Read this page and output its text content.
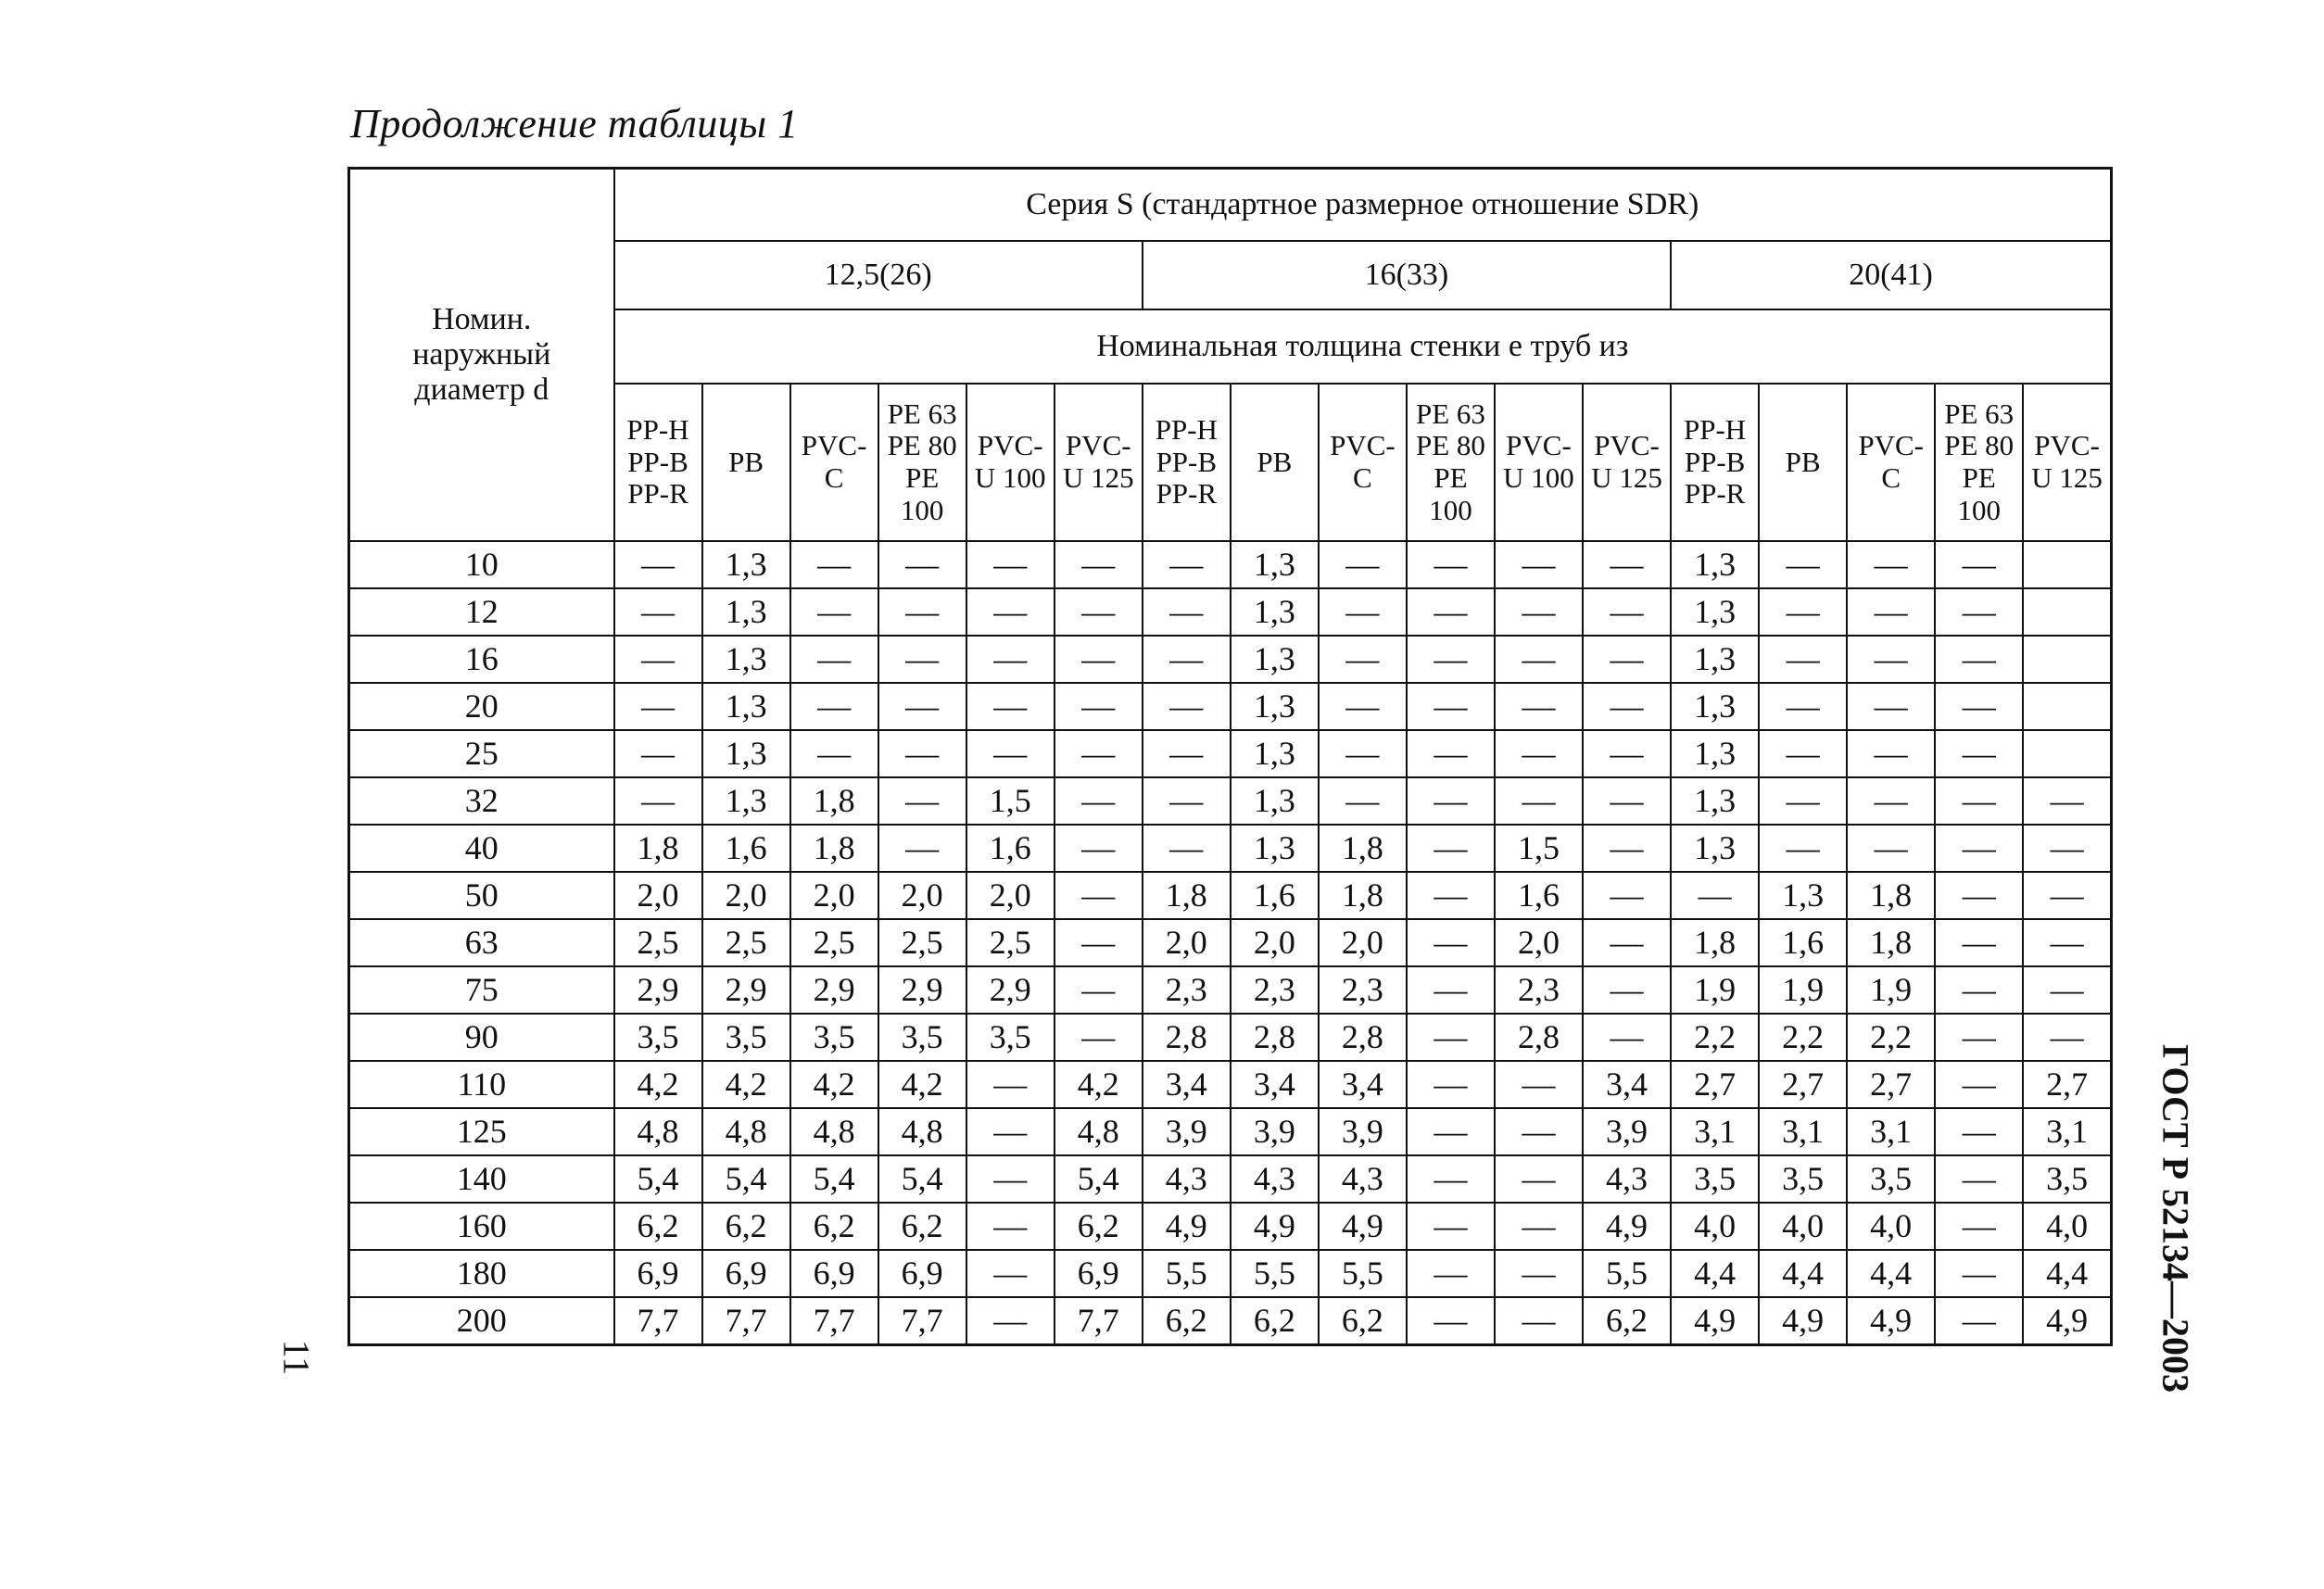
Продолжение таблицы 1
Номин.
наружный
диаметр d	Серия S (стандартное размерное отношение SDR)																
	12,5(26)						16(33)						20(41)				
	Номинальная толщина стенки e труб из																
	PP-H
PP-B
PP-R	PB	PVC-
C	PE 63
PE 80
PE
100	PVC-
U 100	PVC-
U 125	PP-H
PP-B
PP-R	PB	PVC-
C	PE 63
PE 80
PE
100	PVC-
U 100	PVC-
U 125	PP-H
PP-B
PP-R	PB	PVC-
C	PE 63
PE 80
PE
100	PVC-
U 125
10	—	1,3	—	—	—	—	—	1,3	—	—	—	—	1,3	—	—	—	
12	—	1,3	—	—	—	—	—	1,3	—	—	—	—	1,3	—	—	—	
16	—	1,3	—	—	—	—	—	1,3	—	—	—	—	1,3	—	—	—	
20	—	1,3	—	—	—	—	—	1,3	—	—	—	—	1,3	—	—	—	
25	—	1,3	—	—	—	—	—	1,3	—	—	—	—	1,3	—	—	—	
32	—	1,3	1,8	—	1,5	—	—	1,3	—	—	—	—	1,3	—	—	—	—
40	1,8	1,6	1,8	—	1,6	—	—	1,3	1,8	—	1,5	—	1,3	—	—	—	—
50	2,0	2,0	2,0	2,0	2,0	—	1,8	1,6	1,8	—	1,6	—	—	1,3	1,8	—	—
63	2,5	2,5	2,5	2,5	2,5	—	2,0	2,0	2,0	—	2,0	—	1,8	1,6	1,8	—	—
75	2,9	2,9	2,9	2,9	2,9	—	2,3	2,3	2,3	—	2,3	—	1,9	1,9	1,9	—	—
90	3,5	3,5	3,5	3,5	3,5	—	2,8	2,8	2,8	—	2,8	—	2,2	2,2	2,2	—	—
110	4,2	4,2	4,2	4,2	—	4,2	3,4	3,4	3,4	—	—	3,4	2,7	2,7	2,7	—	2,7
125	4,8	4,8	4,8	4,8	—	4,8	3,9	3,9	3,9	—	—	3,9	3,1	3,1	3,1	—	3,1
140	5,4	5,4	5,4	5,4	—	5,4	4,3	4,3	4,3	—	—	4,3	3,5	3,5	3,5	—	3,5
160	6,2	6,2	6,2	6,2	—	6,2	4,9	4,9	4,9	—	—	4,9	4,0	4,0	4,0	—	4,0
180	6,9	6,9	6,9	6,9	—	6,9	5,5	5,5	5,5	—	—	5,5	4,4	4,4	4,4	—	4,4
200	7,7	7,7	7,7	7,7	—	7,7	6,2	6,2	6,2	—	—	6,2	4,9	4,9	4,9	—	4,9 ГОСТ Р 52134—2003
11
